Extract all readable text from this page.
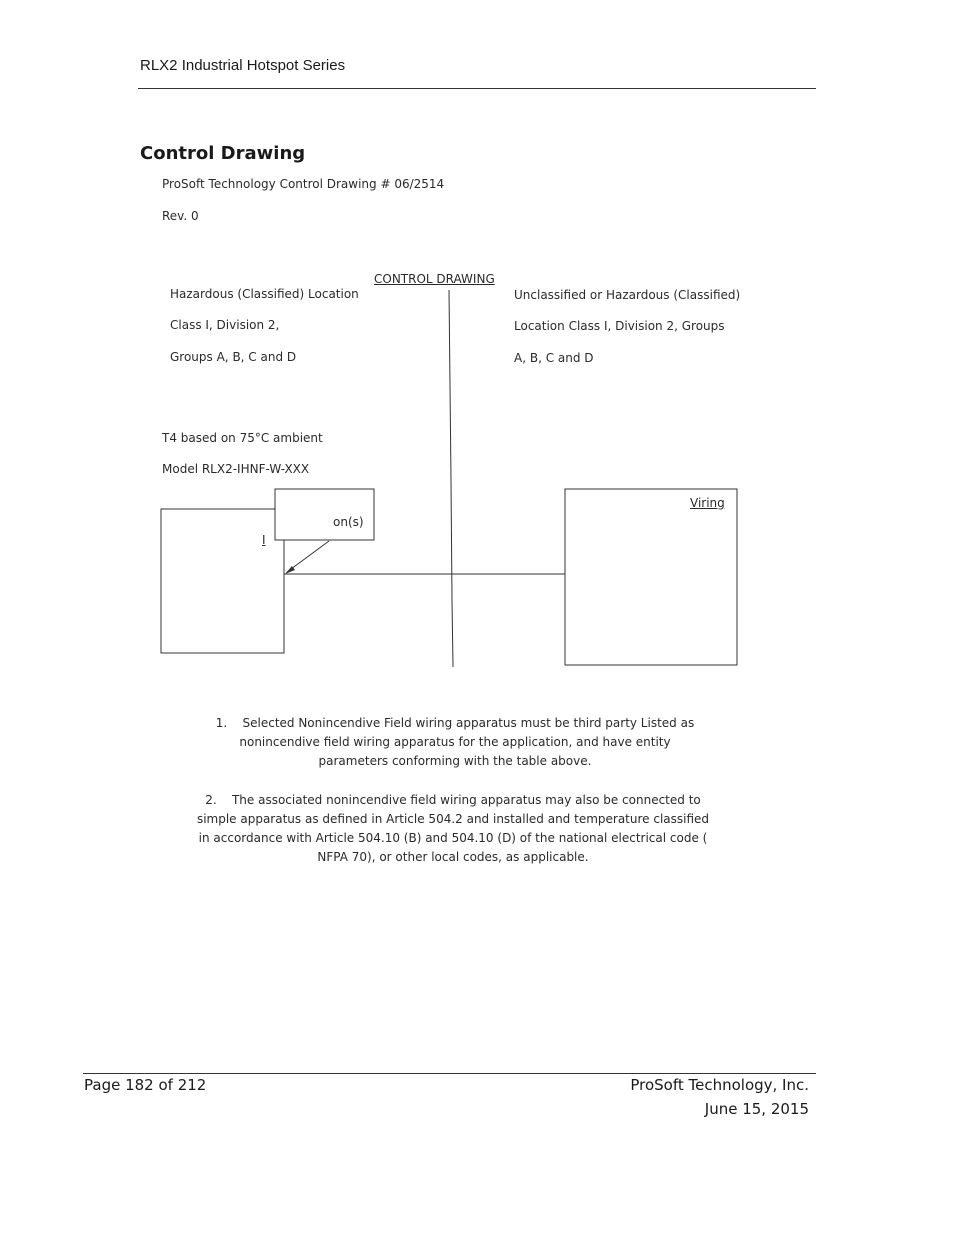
RLX2 Industrial Hotspot Series
Control Drawing
ProSoft Technology Control Drawing # 06/2514
Rev. 0
CONTROL DRAWING
Hazardous (Classified) Location
Class I, Division 2,
Groups A, B, C and D
Unclassified or Hazardous (Classified)
Location Class I, Division 2, Groups
A, B, C and D
T4 based on 75°C ambient
Model RLX2-IHNF-W-XXX
on(s)
I
Viring
1. Selected Nonincendive Field wiring apparatus must be third party Listed as nonincendive field wiring apparatus for the application, and have entity parameters conforming with the table above.
2. The associated nonincendive field wiring apparatus may also be connected to simple apparatus as defined in Article 504.2 and installed and temperature classified in accordance with Article 504.10 (B) and 504.10 (D) of the national electrical code ( NFPA 70), or other local codes, as applicable.
Page 182 of 212	ProSoft Technology, Inc.
June 15, 2015
